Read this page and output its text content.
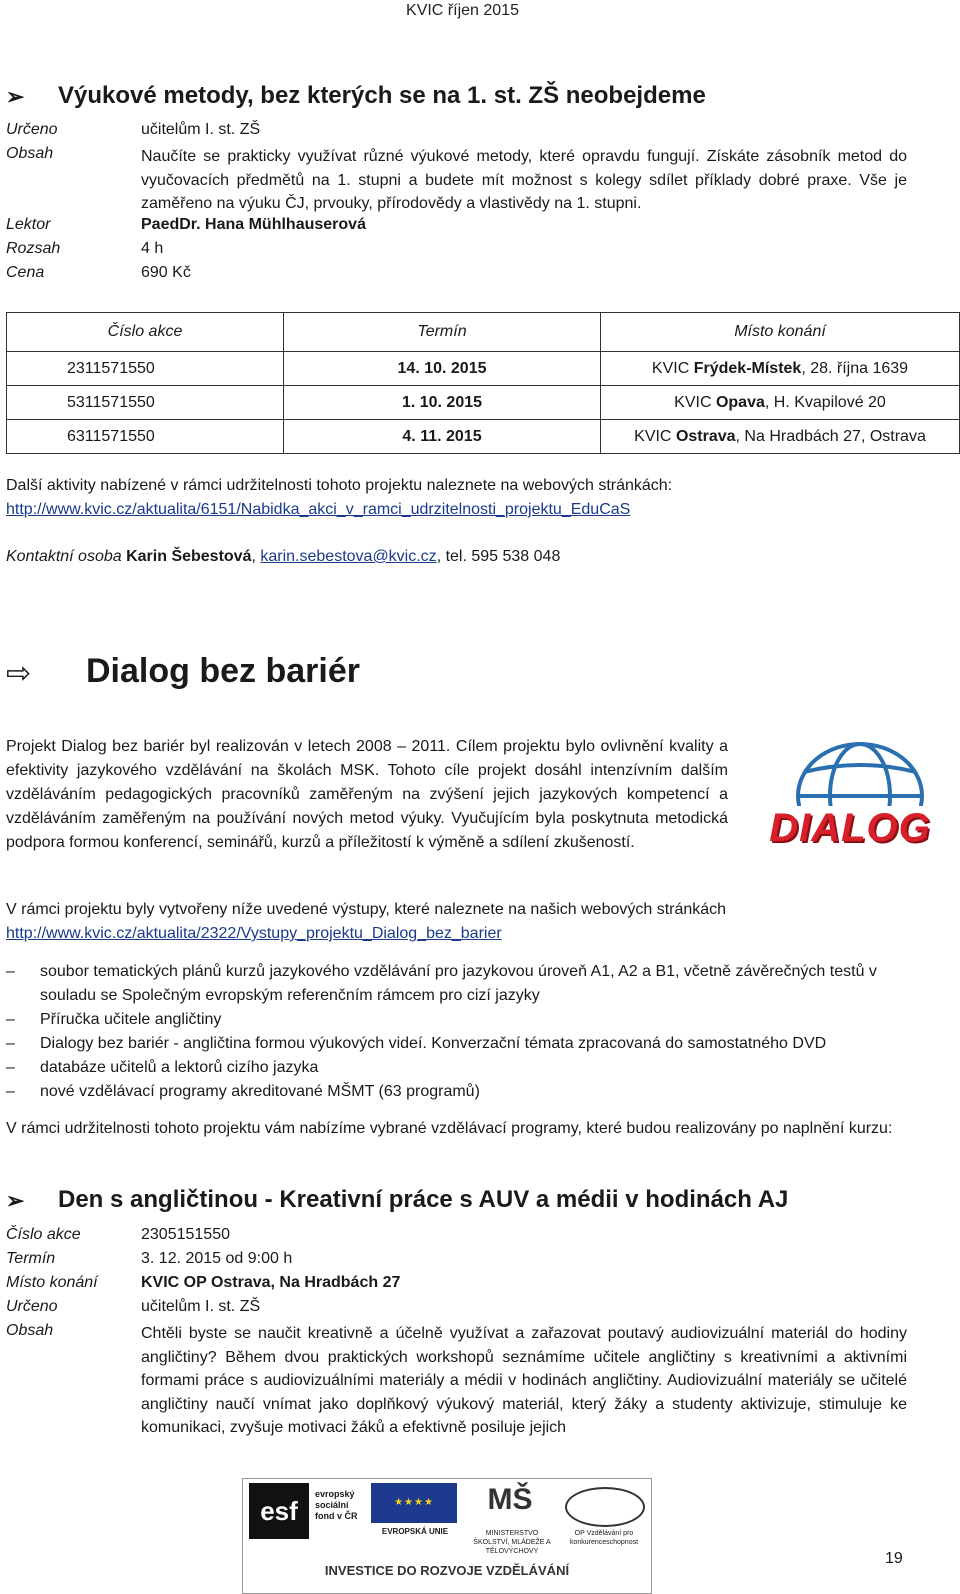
KVIC říjen 2015
➢ Výukové metody, bez kterých se na 1. st. ZŠ neobejdeme
Určeno	učitelům I. st. ZŠ
Obsah	Naučíte se prakticky využívat různé výukové metody, které opravdu fungují. Získáte zásobník metod do vyučovacích předmětů na 1. stupni a budete mít možnost s kolegy sdílet příklady dobré praxe. Vše je zaměřeno na výuku ČJ, prvouky, přírodovědy a vlastivědy na 1. stupni.
Lektor	PaedDr. Hana Mühlhauserová
Rozsah	4 h
Cena	690 Kč
Číslo akce	Termín	Místo konání
2311571550	14. 10. 2015	KVIC Frýdek-Místek, 28. října 1639
5311571550	1. 10. 2015	KVIC Opava, H. Kvapilové 20
6311571550	4. 11. 2015	KVIC Ostrava, Na Hradbách 27, Ostrava
Další aktivity nabízené v rámci udržitelnosti tohoto projektu naleznete na webových stránkách:
http://www.kvic.cz/aktualita/6151/Nabidka_akci_v_ramci_udrzitelnosti_projektu_EduCaS
Kontaktní osoba Karin Šebestová, karin.sebestova@kvic.cz, tel. 595 538 048
⇨ Dialog bez bariér
Projekt Dialog bez bariér byl realizován v letech 2008 – 2011. Cílem projektu bylo ovlivnění kvality a efektivity jazykového vzdělávání na školách MSK. Tohoto cíle projekt dosáhl intenzívním dalším vzděláváním pedagogických pracovníků zaměřeným na zvýšení jejich jazykových kompetencí a vzděláváním zaměřeným na používání nových metod výuky. Vyučujícím byla poskytnuta metodická podpora formou konferencí, seminářů, kurzů a příležitostí k výměně a sdílení zkušeností.	DIALOG
V rámci projektu byly vytvořeny níže uvedené výstupy, které naleznete na našich webových stránkách
http://www.kvic.cz/aktualita/2322/Vystupy_projektu_Dialog_bez_barier
– soubor tematických plánů kurzů jazykového vzdělávání pro jazykovou úroveň A1, A2 a B1, včetně závěrečných testů v souladu se Společným evropským referenčním rámcem pro cizí jazyky
– Příručka učitele angličtiny
– Dialogy bez bariér - angličtina formou výukových videí. Konverzační témata zpracovaná do samostatného DVD
– databáze učitelů a lektorů cizího jazyka
– nové vzdělávací programy akreditované MŠMT (63 programů)
V rámci udržitelnosti tohoto projektu vám nabízíme vybrané vzdělávací programy, které budou realizovány po naplnění kurzu:
➢ Den s angličtinou - Kreativní práce s AUV a médii v hodinách AJ
Číslo akce	2305151550
Termín	3. 12. 2015 od 9:00 h
Místo konání	KVIC OP Ostrava, Na Hradbách 27
Určeno	učitelům I. st. ZŠ
Obsah	Chtěli byste se naučit kreativně a účelně využívat a zařazovat poutavý audiovizuální materiál do hodiny angličtiny? Během dvou praktických workshopů seznámíme učitele angličtiny s kreativními a aktivními formami práce s audiovizuálními materiály a médii v hodinách angličtiny. Audiovizuální materiály se učitelé angličtiny naučí vnímat jako doplňkový výukový materiál, který žáky a studenty aktivizuje, stimuluje ke komunikaci, zvyšuje motivaci žáků a efektivně posiluje jejich
esf
evropský sociální fond v ČR
★★★★
EVROPSKÁ UNIE
MŠ
MINISTERSTVO ŠKOLSTVÍ, MLÁDEŽE A TĚLOVÝCHOVY
OP Vzdělávání pro konkurenceschopnost
INVESTICE DO ROZVOJE VZDĚLÁVÁNÍ
19
